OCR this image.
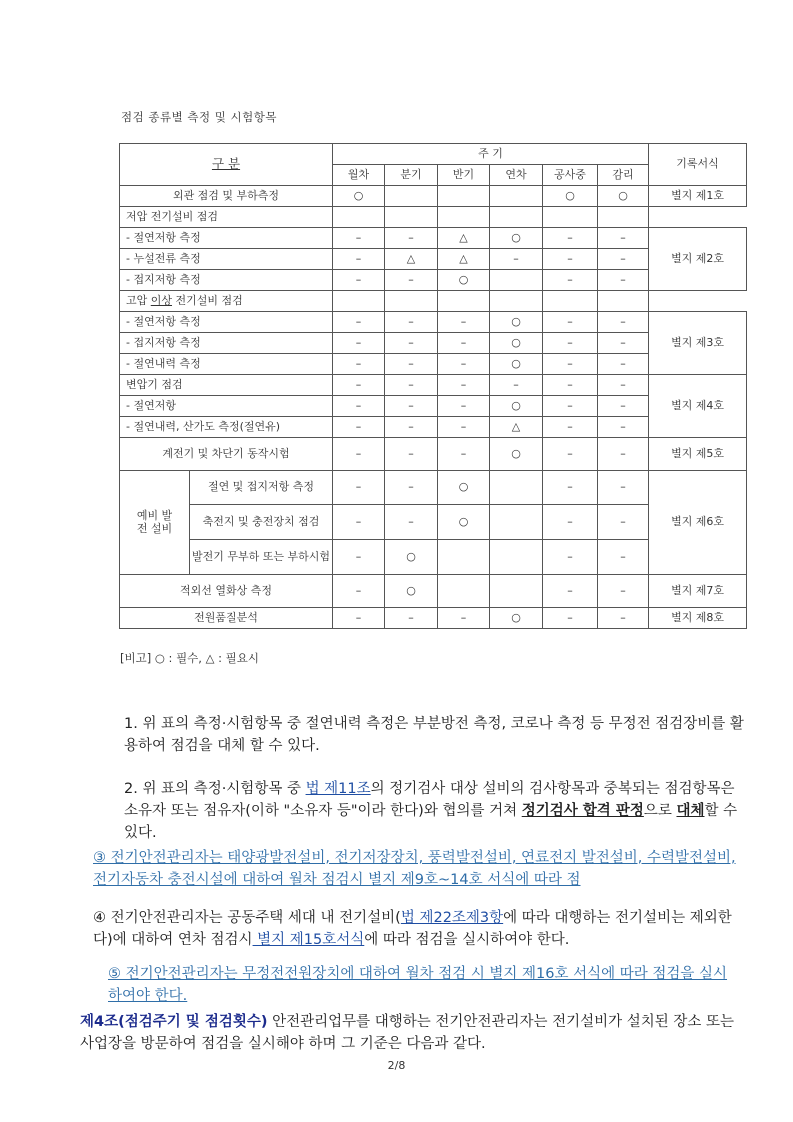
점검 종류별 측정 및 시험항목
구 분		주 기						기록서식
		월차	분기	반기	연차	공사중	감리	
외관 점검 및 부하측정		○				○	○	별지 제1호
저압 전기설비 점검								
- 절연저항 측정		–	–	△	○	–	–	별지 제2호
- 누설전류 측정		–	△	△	–	–	–	
- 접지저항 측정		–	–	○		–	–	
고압 이상 전기설비 점검								
- 절연저항 측정		–	–	–	○	–	–	별지 제3호
- 접지저항 측정		–	–	–	○	–	–	
- 절연내력 측정		–	–	–	○	–	–	
변압기 점검		–	–	–	–	–	–	별지 제4호
- 절연저항		–	–	–	○	–	–	
- 절연내력, 산가도 측정(절연유)		–	–	–	△	–	–	
계전기 및 차단기 동작시험		–	–	–	○	–	–	별지 제5호
예비 발전 설비	절연 및 접지저항 측정	–	–	○		–	–	별지 제6호
	축전지 및 충전장치 점검	–	–	○		–	–	
	발전기 무부하 또는 부하시험	–	○			–	–	
적외선 열화상 측정		–	○			–	–	별지 제7호
전원품질분석		–	–	–	○	–	–	별지 제8호
[비고] ○ : 필수, △ : 필요시
1. 위 표의 측정·시험항목 중 절연내력 측정은 부분방전 측정, 코로나 측정 등 무정전 점검장비를 활용하여 점검을 대체 할 수 있다.
2. 위 표의 측정·시험항목 중 법 제11조의 정기검사 대상 설비의 검사항목과 중복되는 점검항목은 소유자 또는 점유자(이하 "소유자 등"이라 한다)와 협의를 거쳐 정기검사 합격 판정으로 대체할 수 있다.
③ 전기안전관리자는 태양광발전설비, 전기저장장치, 풍력발전설비, 연료전지 발전설비, 수력발전설비, 전기자동차 충전시설에 대하여 월차 점검시 별지 제9호~14호 서식에 따라 점
④ 전기안전관리자는 공동주택 세대 내 전기설비(법 제22조제3항에 따라 대행하는 전기설비는 제외한다)에 대하여 연차 점검시 별지 제15호서식에 따라 점검을 실시하여야 한다.
⑤ 전기안전관리자는 무정전전원장치에 대하여 월차 점검 시 별지 제16호 서식에 따라 점검을 실시하여야 한다.
제4조(점검주기 및 점검횟수) 안전관리업무를 대행하는 전기안전관리자는 전기설비가 설치된 장소 또는 사업장을 방문하여 점검을 실시해야 하며 그 기준은 다음과 같다.
2/8
